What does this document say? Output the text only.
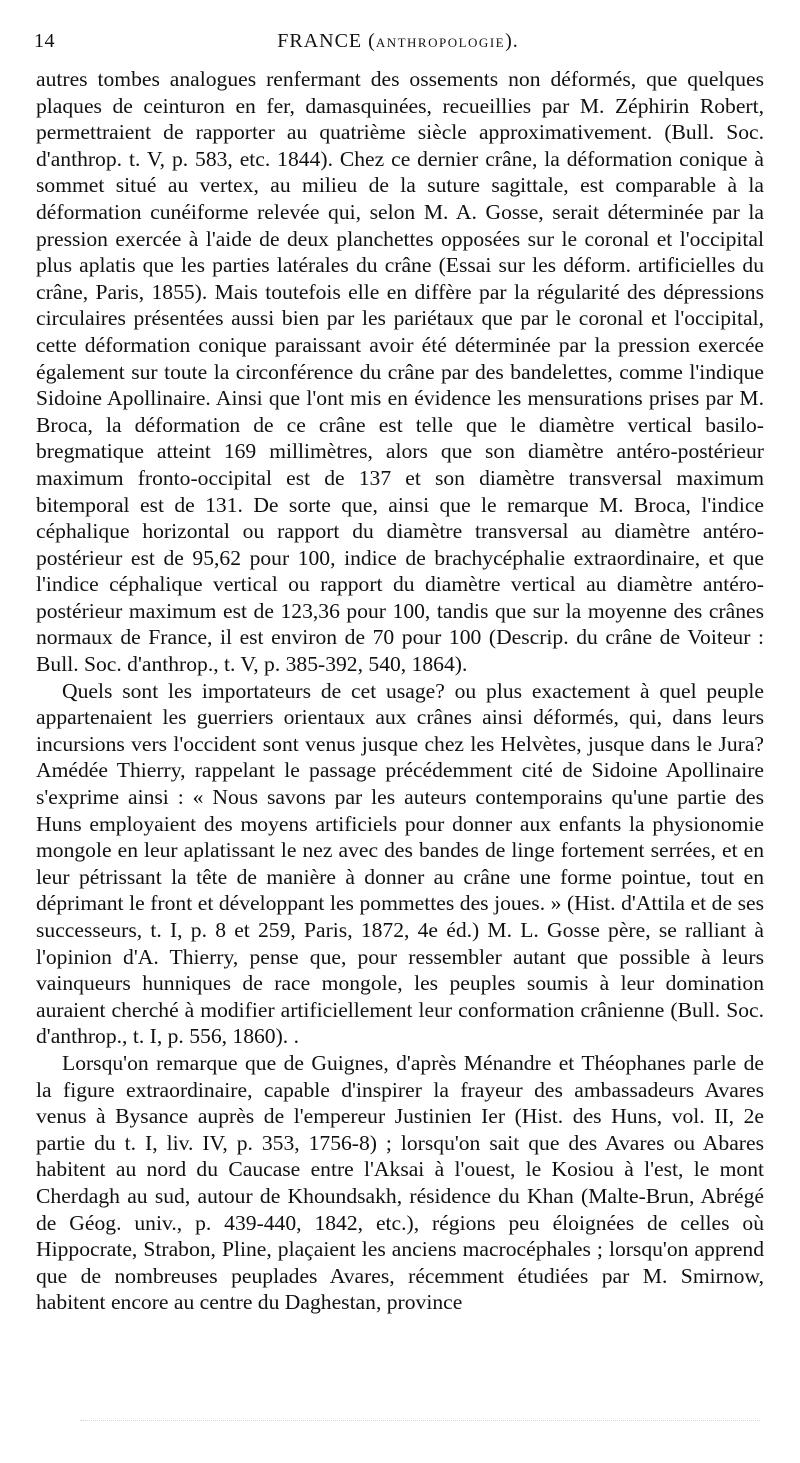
14	FRANCE (ANTHROPOLOGIE).

autres tombes analogues renfermant des ossements non déformés, que quelques plaques de ceinturon en fer, damasquinées, recueillies par M. Zéphirin Robert, permettraient de rapporter au quatrième siècle approximativement. (Bull. Soc. d'anthrop. t. V, p. 583, etc. 1844). Chez ce dernier crâne, la déformation conique à sommet situé au vertex, au milieu de la suture sagittale, est comparable à la déformation cunéiforme relevée qui, selon M. A. Gosse, serait déterminée par la pression exercée à l'aide de deux planchettes opposées sur le coronal et l'occipital plus aplatis que les parties latérales du crâne (Essai sur les déform. artificielles du crâne, Paris, 1855). Mais toutefois elle en diffère par la régularité des dépressions circulaires présentées aussi bien par les pariétaux que par le coronal et l'occipital, cette déformation conique paraissant avoir été déterminée par la pression exercée également sur toute la circonférence du crâne par des bandelettes, comme l'indique Sidoine Apollinaire. Ainsi que l'ont mis en évidence les mensurations prises par M. Broca, la déformation de ce crâne est telle que le diamètre vertical basilo-bregmatique atteint 169 millimètres, alors que son diamètre antéro-postérieur maximum fronto-occipital est de 137 et son diamètre transversal maximum bitemporal est de 131. De sorte que, ainsi que le remarque M. Broca, l'indice céphalique horizontal ou rapport du diamètre transversal au diamètre antéro-postérieur est de 95,62 pour 100, indice de brachycéphalie extraordinaire, et que l'indice céphalique vertical ou rapport du diamètre vertical au diamètre antéro-postérieur maximum est de 123,36 pour 100, tandis que sur la moyenne des crânes normaux de France, il est environ de 70 pour 100 (Descrip. du crâne de Voiteur : Bull. Soc. d'anthrop., t. V, p. 385-392, 540, 1864).

Quels sont les importateurs de cet usage? ou plus exactement à quel peuple appartenaient les guerriers orientaux aux crânes ainsi déformés, qui, dans leurs incursions vers l'occident sont venus jusque chez les Helvètes, jusque dans le Jura? Amédée Thierry, rappelant le passage précédemment cité de Sidoine Apollinaire s'exprime ainsi : « Nous savons par les auteurs contemporains qu'une partie des Huns employaient des moyens artificiels pour donner aux enfants la physionomie mongole en leur aplatissant le nez avec des bandes de linge fortement serrées, et en leur pétrissant la tête de manière à donner au crâne une forme pointue, tout en déprimant le front et développant les pommettes des joues. » (Hist. d'Attila et de ses successeurs, t. I, p. 8 et 259, Paris, 1872, 4e éd.) M. L. Gosse père, se ralliant à l'opinion d'A. Thierry, pense que, pour ressembler autant que possible à leurs vainqueurs hunniques de race mongole, les peuples soumis à leur domination auraient cherché à modifier artificiellement leur conformation crânienne (Bull. Soc. d'anthrop., t. I, p. 556, 1860). .

Lorsqu'on remarque que de Guignes, d'après Ménandre et Théophanes parle de la figure extraordinaire, capable d'inspirer la frayeur des ambassadeurs Avares venus à Bysance auprès de l'empereur Justinien Ier (Hist. des Huns, vol. II, 2e partie du t. I, liv. IV, p. 353, 1756-8) ; lorsqu'on sait que des Avares ou Abares habitent au nord du Caucase entre l'Aksai à l'ouest, le Kosiou à l'est, le mont Cherdagh au sud, autour de Khoundsakh, résidence du Khan (Malte-Brun, Abrégé de Géog. univ., p. 439-440, 1842, etc.), régions peu éloignées de celles où Hippocrate, Strabon, Pline, plaçaient les anciens macrocéphales ; lorsqu'on apprend que de nombreuses peuplades Avares, récemment étudiées par M. Smirnow, habitent encore au centre du Daghestan, province
